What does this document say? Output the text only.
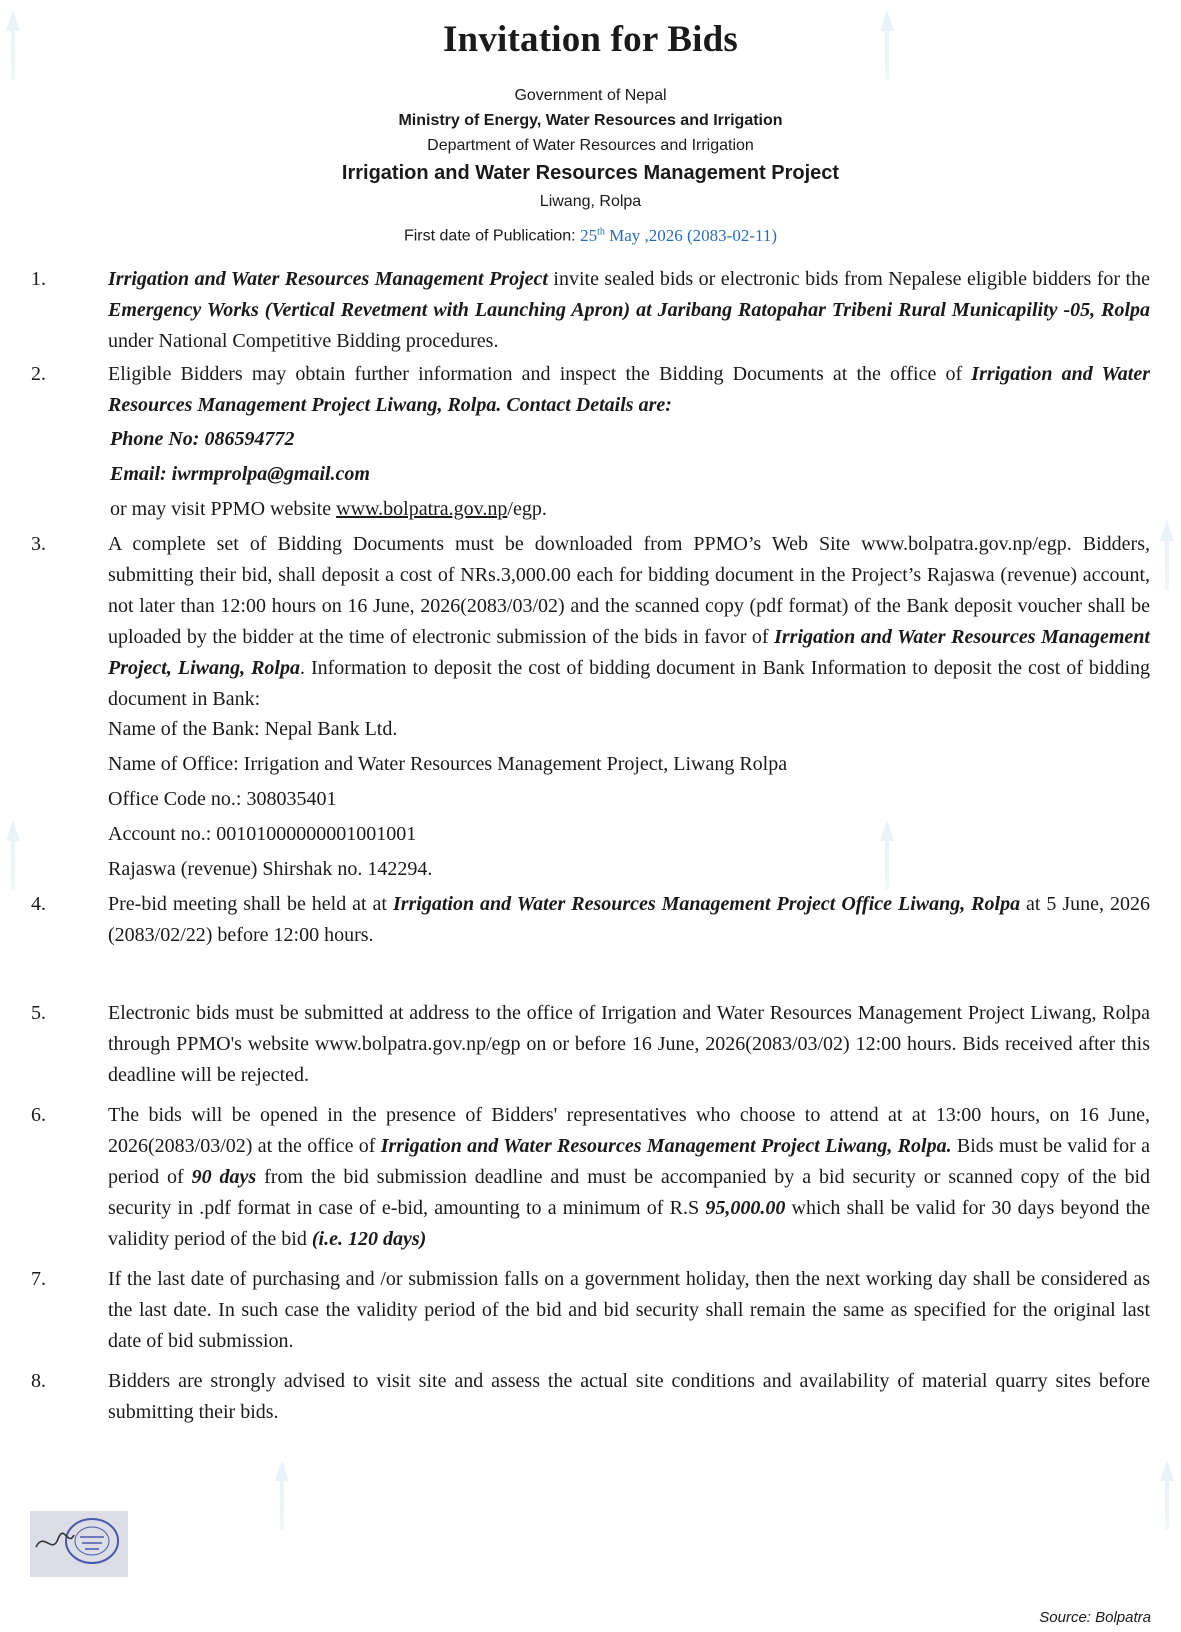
Invitation for Bids
Government of Nepal
Ministry of Energy, Water Resources and Irrigation
Department of Water Resources and Irrigation
Irrigation and Water Resources Management Project
Liwang, Rolpa
First date of Publication: 25th May ,2026 (2083-02-11)
1.	Irrigation and Water Resources Management Project invite sealed bids or electronic bids from Nepalese eligible bidders for the Emergency Works (Vertical Revetment with Launching Apron) at Jaribang Ratopahar Tribeni Rural Municapility -05, Rolpa under National Competitive Bidding procedures.
2.	Eligible Bidders may obtain further information and inspect the Bidding Documents at the office of Irrigation and Water Resources Management Project Liwang, Rolpa. Contact Details are:
Phone No: 086594772
Email: iwrmprolpa@gmail.com
or may visit PPMO website www.bolpatra.gov.np/egp.
3.	A complete set of Bidding Documents must be downloaded from PPMO’s Web Site www.bolpatra.gov.np/egp. Bidders, submitting their bid, shall deposit a cost of NRs.3,000.00 each for bidding document in the Project’s Rajaswa (revenue) account, not later than 12:00 hours on 16 June, 2026(2083/03/02) and the scanned copy (pdf format) of the Bank deposit voucher shall be uploaded by the bidder at the time of electronic submission of the bids in favor of Irrigation and Water Resources Management Project, Liwang, Rolpa. Information to deposit the cost of bidding document in Bank Information to deposit the cost of bidding document in Bank:
Name of the Bank: Nepal Bank Ltd.
Name of Office: Irrigation and Water Resources Management Project, Liwang Rolpa
Office Code no.: 308035401
Account no.: 00101000000001001001
Rajaswa (revenue) Shirshak no. 142294.
4.	Pre-bid meeting shall be held at at Irrigation and Water Resources Management Project Office Liwang, Rolpa at 5 June, 2026 (2083/02/22) before 12:00 hours.
5.	Electronic bids must be submitted at address to the office of Irrigation and Water Resources Management Project Liwang, Rolpa through PPMO's website www.bolpatra.gov.np/egp on or before 16 June, 2026(2083/03/02) 12:00 hours. Bids received after this deadline will be rejected.
6.	The bids will be opened in the presence of Bidders' representatives who choose to attend at at 13:00 hours, on 16 June, 2026(2083/03/02) at the office of Irrigation and Water Resources Management Project Liwang, Rolpa. Bids must be valid for a period of 90 days from the bid submission deadline and must be accompanied by a bid security or scanned copy of the bid security in .pdf format in case of e-bid, amounting to a minimum of R.S 95,000.00 which shall be valid for 30 days beyond the validity period of the bid (i.e. 120 days)
7.	If the last date of purchasing and /or submission falls on a government holiday, then the next working day shall be considered as the last date. In such case the validity period of the bid and bid security shall remain the same as specified for the original last date of bid submission.
8.	Bidders are strongly advised to visit site and assess the actual site conditions and availability of material quarry sites before submitting their bids.
Source: Bolpatra
